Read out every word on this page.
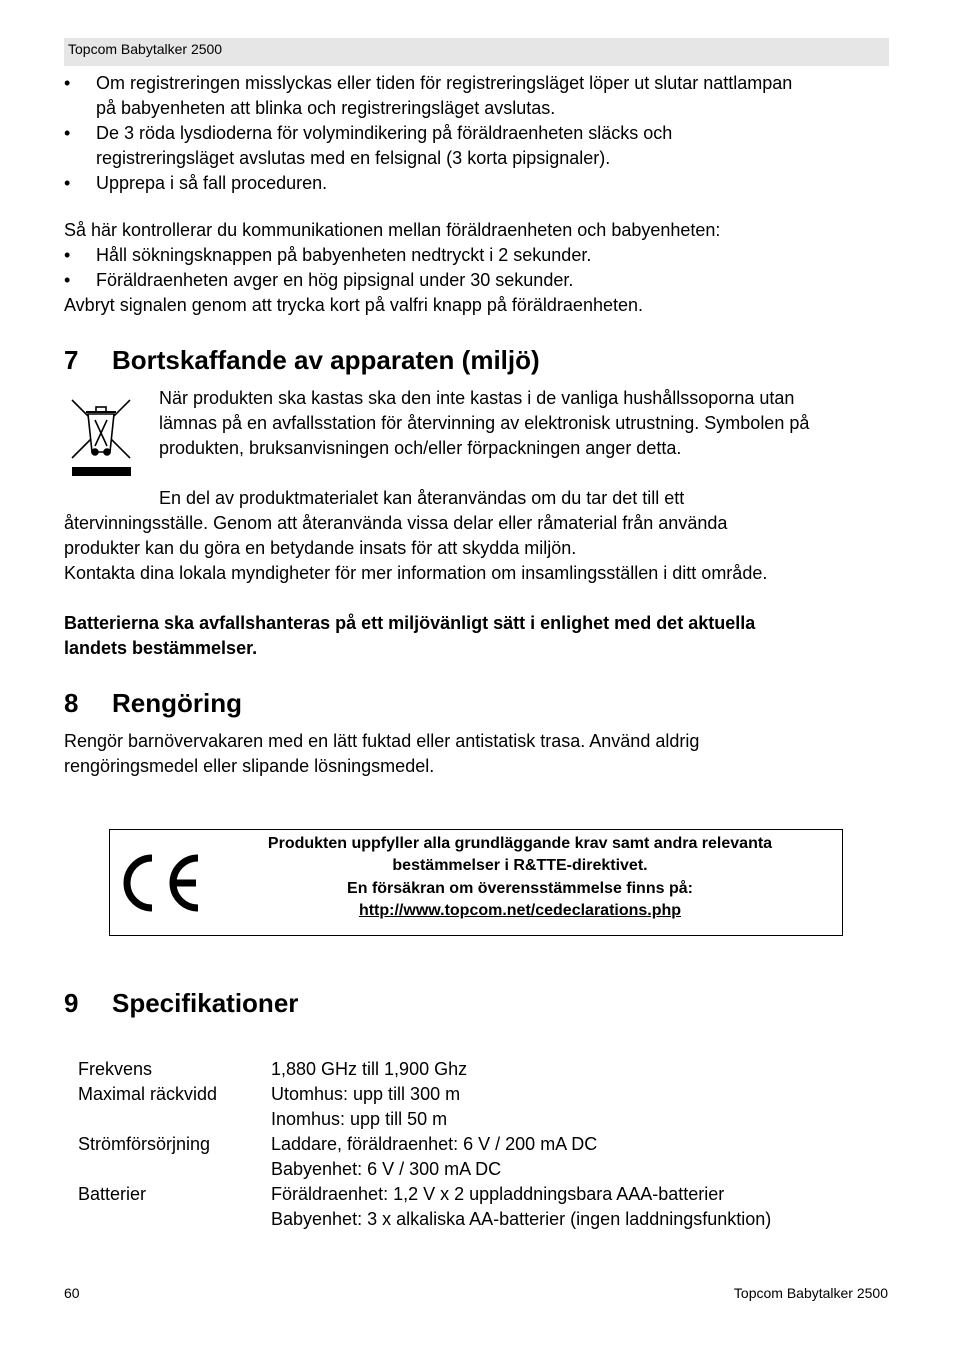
Topcom Babytalker 2500
•	Om registreringen misslyckas eller tiden för registreringsläget löper ut slutar nattlampan
på babyenheten att blinka och registreringsläget avslutas.
•	De 3 röda lysdioderna för volymindikering på föräldraenheten släcks och
registreringsläget avslutas med en felsignal (3 korta pipsignaler).
•	Upprepa i så fall proceduren.
Så här kontrollerar du kommunikationen mellan föräldraenheten och babyenheten:
•	Håll sökningsknappen på babyenheten nedtryckt i 2 sekunder.
•	Föräldraenheten avger en hög pipsignal under 30 sekunder.
Avbryt signalen genom att trycka kort på valfri knapp på föräldraenheten.
7 Bortskaffande av apparaten (miljö)
När produkten ska kastas ska den inte kastas i de vanliga hushållssoporna utan
lämnas på en avfallsstation för återvinning av elektronisk utrustning. Symbolen på
produkten, bruksanvisningen och/eller förpackningen anger detta.
En del av produktmaterialet kan återanvändas om du tar det till ett
återvinningsställe. Genom att återanvända vissa delar eller råmaterial från använda
produkter kan du göra en betydande insats för att skydda miljön.
Kontakta dina lokala myndigheter för mer information om insamlingsställen i ditt område.
Batterierna ska avfallshanteras på ett miljövänligt sätt i enlighet med det aktuella
landets bestämmelser.
8 Rengöring
Rengör barnövervakaren med en lätt fuktad eller antistatisk trasa. Använd aldrig
rengöringsmedel eller slipande lösningsmedel.
Produkten uppfyller alla grundläggande krav samt andra relevanta
bestämmelser i R&TTE-direktivet.
En försäkran om överensstämmelse finns på:
http://www.topcom.net/cedeclarations.php
9 Specifikationer
Frekvens	1,880 GHz till 1,900 Ghz
Maximal räckvidd	Utomhus: upp till 300 m
Inomhus: upp till 50 m
Strömförsörjning	Laddare, föräldraenhet: 6 V / 200 mA DC
Babyenhet: 6 V / 300 mA DC
Batterier	Föräldraenhet: 1,2 V x 2 uppladdningsbara AAA-batterier
Babyenhet: 3 x alkaliska AA-batterier (ingen laddningsfunktion)
60	Topcom Babytalker 2500
